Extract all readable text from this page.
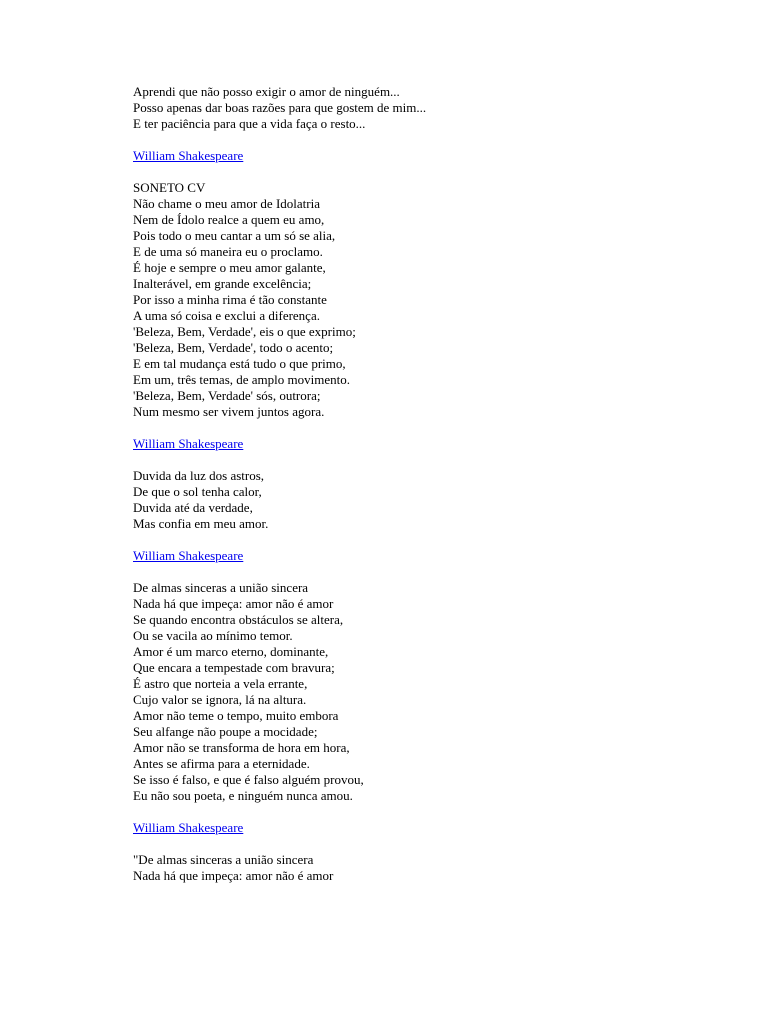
Aprendi que não posso exigir o amor de ninguém...
Posso apenas dar boas razões para que gostem de mim...
E ter paciência para que a vida faça o resto...
William Shakespeare
SONETO CV
Não chame o meu amor de Idolatria
Nem de Ídolo realce a quem eu amo,
Pois todo o meu cantar a um só se alia,
E de uma só maneira eu o proclamo.
É hoje e sempre o meu amor galante,
Inalterável, em grande excelência;
Por isso a minha rima é tão constante
A uma só coisa e exclui a diferença.
'Beleza, Bem, Verdade', eis o que exprimo;
'Beleza, Bem, Verdade', todo o acento;
E em tal mudança está tudo o que primo,
Em um, três temas, de amplo movimento.
'Beleza, Bem, Verdade' sós, outrora;
Num mesmo ser vivem juntos agora.
William Shakespeare
Duvida da luz dos astros,
De que o sol tenha calor,
Duvida até da verdade,
Mas confia em meu amor.
William Shakespeare
De almas sinceras a união sincera
Nada há que impeça: amor não é amor
Se quando encontra obstáculos se altera,
Ou se vacila ao mínimo temor.
Amor é um marco eterno, dominante,
Que encara a tempestade com bravura;
É astro que norteia a vela errante,
Cujo valor se ignora, lá na altura.
Amor não teme o tempo, muito embora
Seu alfange não poupe a mocidade;
Amor não se transforma de hora em hora,
Antes se afirma para a eternidade.
Se isso é falso, e que é falso alguém provou,
Eu não sou poeta, e ninguém nunca amou.
William Shakespeare
"De almas sinceras a união sincera
Nada há que impeça: amor não é amor
